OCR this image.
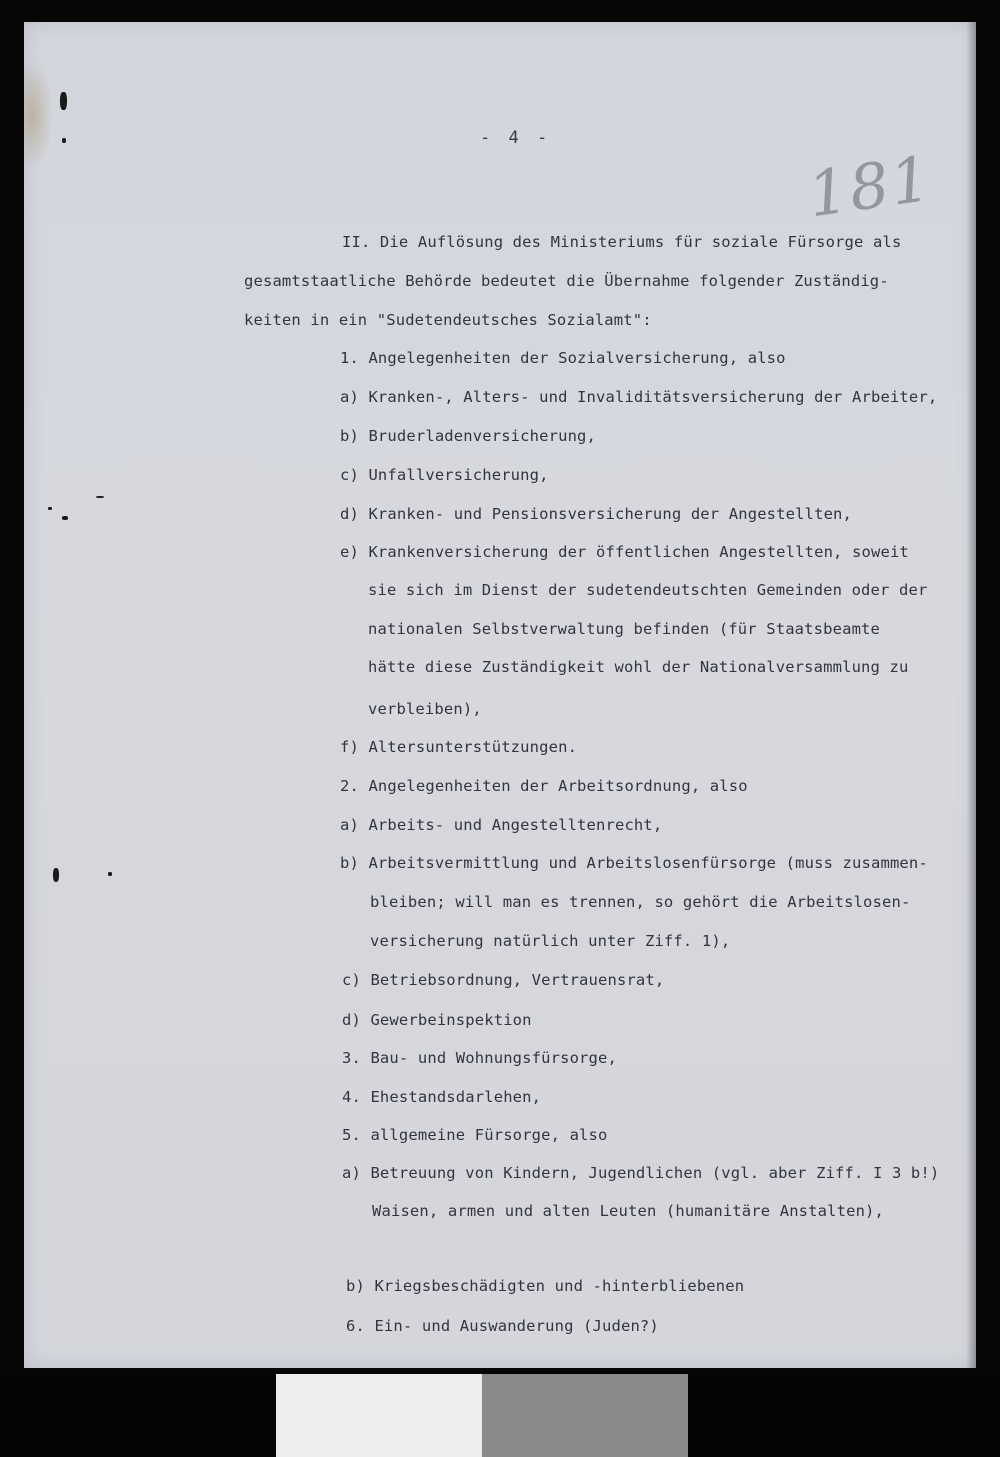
- 4 -
181
II. Die Auflösung des Ministeriums für soziale Fürsorge als
gesamtstaatliche Behörde bedeutet die Übernahme folgender Zuständig-
keiten in ein "Sudetendeutsches Sozialamt":
1. Angelegenheiten der Sozialversicherung, also
a) Kranken-, Alters- und Invaliditätsversicherung der Arbeiter,
b) Bruderladenversicherung,
c) Unfallversicherung,
d) Kranken- und Pensionsversicherung der Angestellten,
e) Krankenversicherung der öffentlichen Angestellten, soweit
sie sich im Dienst der sudetendeutschten Gemeinden oder der
nationalen Selbstverwaltung befinden (für Staatsbeamte
hätte diese Zuständigkeit wohl der Nationalversammlung zu
verbleiben),
f) Altersunterstützungen.
2. Angelegenheiten der Arbeitsordnung, also
a) Arbeits- und Angestelltenrecht,
b) Arbeitsvermittlung und Arbeitslosenfürsorge (muss zusammen-
bleiben; will man es trennen, so gehört die Arbeitslosen-
versicherung natürlich unter Ziff. 1),
c) Betriebsordnung, Vertrauensrat,
d) Gewerbeinspektion
3. Bau- und Wohnungsfürsorge,
4. Ehestandsdarlehen,
5. allgemeine Fürsorge, also
a) Betreuung von Kindern, Jugendlichen (vgl. aber Ziff. I 3 b!)
Waisen, armen und alten Leuten (humanitäre Anstalten),
b) Kriegsbeschädigten und -hinterbliebenen
6. Ein- und Auswanderung (Juden?)
